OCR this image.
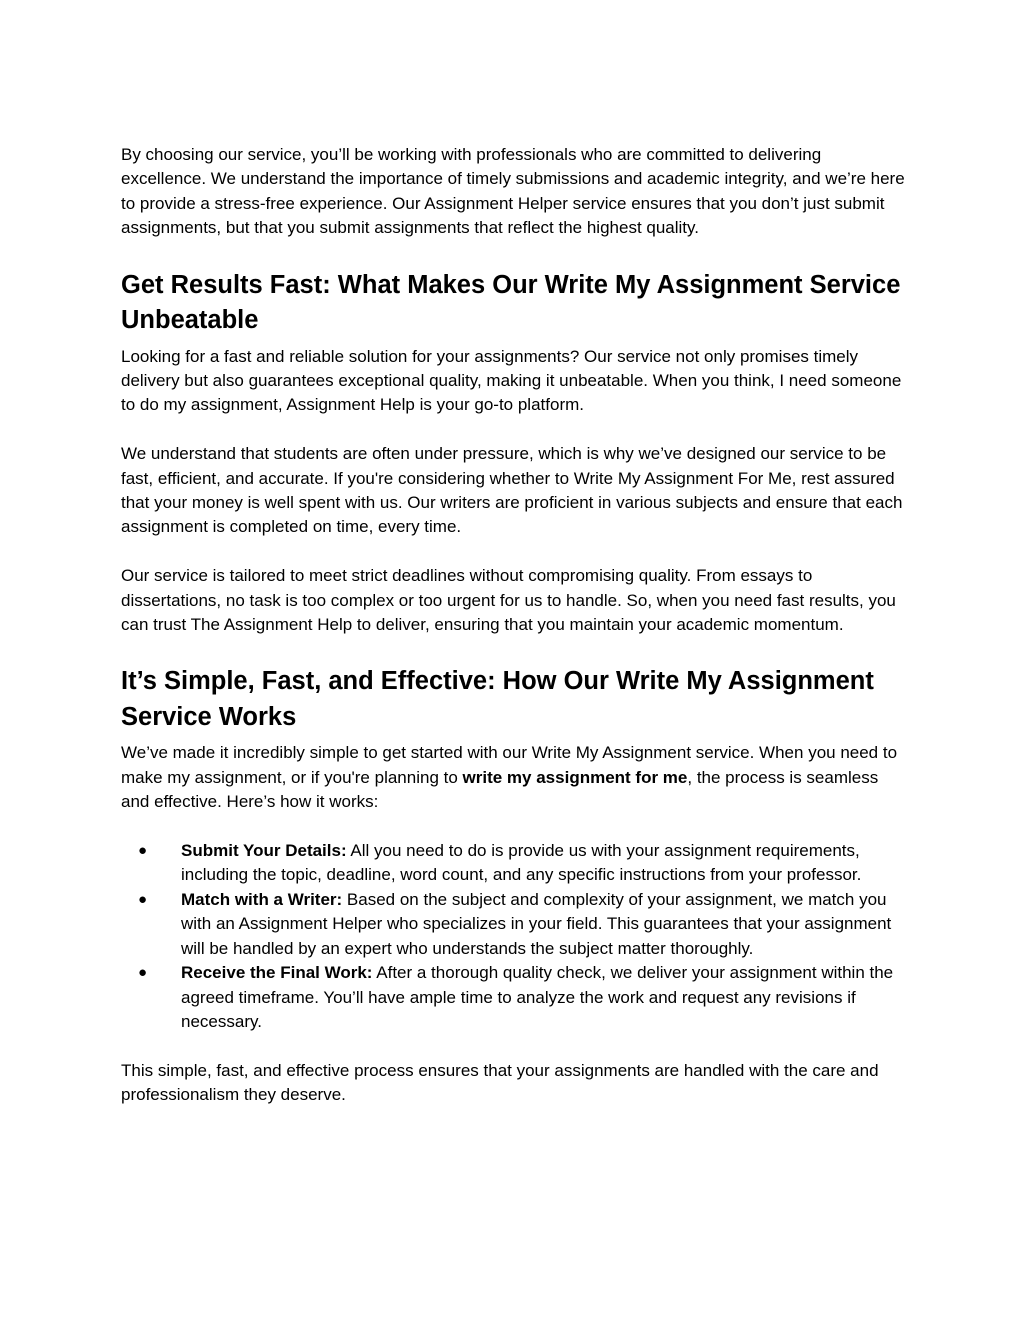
By choosing our service, you’ll be working with professionals who are committed to delivering excellence. We understand the importance of timely submissions and academic integrity, and we’re here to provide a stress-free experience. Our Assignment Helper service ensures that you don’t just submit assignments, but that you submit assignments that reflect the highest quality.

Get Results Fast: What Makes Our Write My Assignment Service Unbeatable

Looking for a fast and reliable solution for your assignments? Our service not only promises timely delivery but also guarantees exceptional quality, making it unbeatable. When you think, I need someone to do my assignment, Assignment Help is your go-to platform.

We understand that students are often under pressure, which is why we’ve designed our service to be fast, efficient, and accurate. If you're considering whether to Write My Assignment For Me, rest assured that your money is well spent with us. Our writers are proficient in various subjects and ensure that each assignment is completed on time, every time.

Our service is tailored to meet strict deadlines without compromising quality. From essays to dissertations, no task is too complex or too urgent for us to handle. So, when you need fast results, you can trust The Assignment Help to deliver, ensuring that you maintain your academic momentum.

It’s Simple, Fast, and Effective: How Our Write My Assignment Service Works

We’ve made it incredibly simple to get started with our Write My Assignment service. When you need to make my assignment, or if you're planning to write my assignment for me, the process is seamless and effective. Here’s how it works:

●	Submit Your Details: All you need to do is provide us with your assignment requirements, including the topic, deadline, word count, and any specific instructions from your professor.
●	Match with a Writer: Based on the subject and complexity of your assignment, we match you with an Assignment Helper who specializes in your field. This guarantees that your assignment will be handled by an expert who understands the subject matter thoroughly.
●	Receive the Final Work: After a thorough quality check, we deliver your assignment within the agreed timeframe. You’ll have ample time to analyze the work and request any revisions if necessary.

This simple, fast, and effective process ensures that your assignments are handled with the care and professionalism they deserve.
